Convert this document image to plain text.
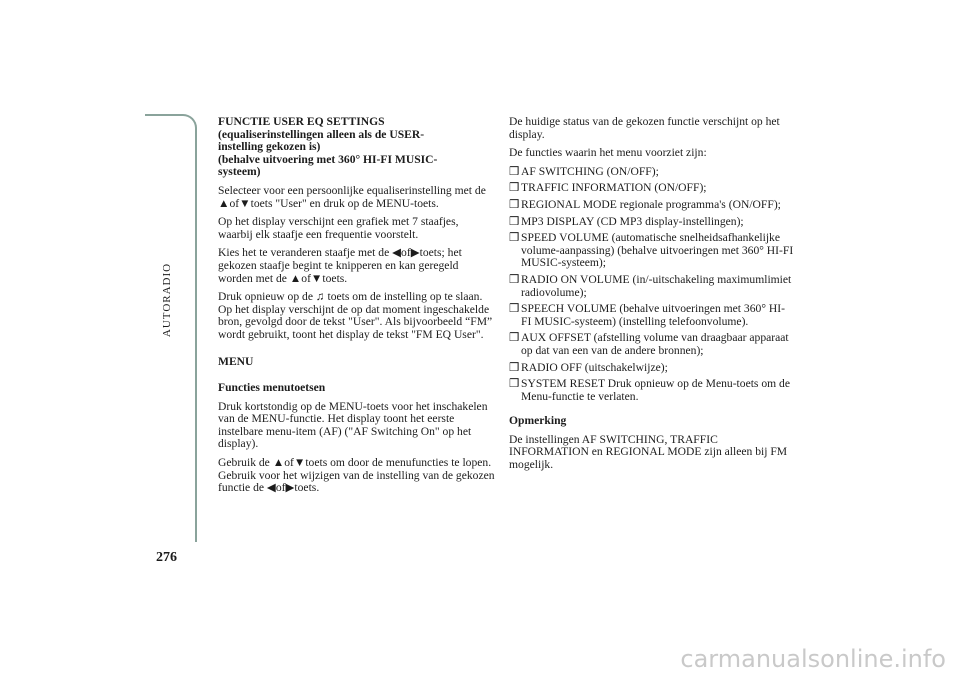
AUTORADIO
276
FUNCTIE USER EQ SETTINGS
(equaliserinstellingen alleen als de USER-
instelling gekozen is)
(behalve uitvoering met 360° HI-FI MUSIC-
systeem)

Selecteer voor een persoonlijke equaliserinstelling met de ▲of▼toets "User" en druk op de MENU-toets.

Op het display verschijnt een grafiek met 7 staafjes, waarbij elk staafje een frequentie voorstelt.

Kies het te veranderen staafje met de ◀of▶toets; het gekozen staafje begint te knipperen en kan geregeld worden met de ▲of▼toets.

Druk opnieuw op de ♫ toets om de instelling op te slaan. Op het display verschijnt de op dat moment ingeschakelde bron, gevolgd door de tekst "User". Als bijvoorbeeld “FM” wordt gebruikt, toont het display de tekst "FM EQ User".

MENU
Functies menutoetsen

Druk kortstondig op de MENU-toets voor het inschakelen van de MENU-functie. Het display toont het eerste instelbare menu-item (AF) ("AF Switching On" op het display).

Gebruik de ▲of▼toets om door de menufuncties te lopen. Gebruik voor het wijzigen van de instelling van de gekozen functie de ◀of▶toets.

De huidige status van de gekozen functie verschijnt op het display.

De functies waarin het menu voorziet zijn:

❒ AF SWITCHING (ON/OFF);
❒ TRAFFIC INFORMATION (ON/OFF);
❒ REGIONAL MODE regionale programma's (ON/OFF);
❒ MP3 DISPLAY (CD MP3 display-instellingen);
❒ SPEED VOLUME (automatische snelheidsafhankelijke volume-aanpassing) (behalve uitvoeringen met 360° HI-FI MUSIC-systeem);
❒ RADIO ON VOLUME (in/-uitschakeling maximumlimiet radiovolume);
❒ SPEECH VOLUME (behalve uitvoeringen met 360° HI-FI MUSIC-systeem) (instelling telefoonvolume).
❒ AUX OFFSET (afstelling volume van draagbaar apparaat op dat van een van de andere bronnen);
❒ RADIO OFF (uitschakelwijze);
❒ SYSTEM RESET Druk opnieuw op de Menu-toets om de Menu-functie te verlaten.
Opmerking

De instellingen AF SWITCHING, TRAFFIC INFORMATION en REGIONAL MODE zijn alleen bij FM mogelijk.

carmanualsonline.info
